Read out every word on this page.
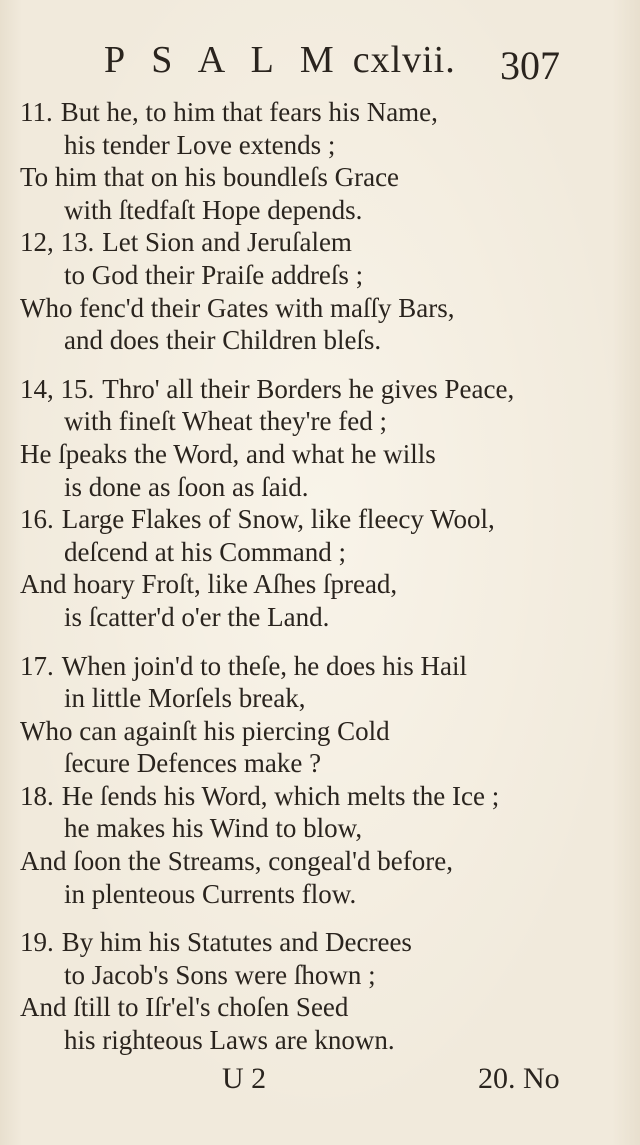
P S A L M cxlvii. 307
11. But he, to him that fears his Name,
his tender Love extends ;
To him that on his boundleſs Grace
with ſtedfaſt Hope depends.
12, 13. Let Sion and Jeruſalem
to God their Praiſe addreſs ;
Who fenc'd their Gates with maſſy Bars,
and does their Children bleſs.
14, 15. Thro' all their Borders he gives Peace,
with fineſt Wheat they're fed ;
He ſpeaks the Word, and what he wills
is done as ſoon as ſaid.
16. Large Flakes of Snow, like fleecy Wool,
deſcend at his Command ;
And hoary Froſt, like Aſhes ſpread,
is ſcatter'd o'er the Land.
17. When join'd to theſe, he does his Hail
in little Morſels break,
Who can againſt his piercing Cold
ſecure Defences make ?
18. He ſends his Word, which melts the Ice ;
he makes his Wind to blow,
And ſoon the Streams, congeal'd before,
in plenteous Currents flow.
19. By him his Statutes and Decrees
to Jacob's Sons were ſhown ;
And ſtill to Iſr'el's choſen Seed
his righteous Laws are known.
U 2	20. No
